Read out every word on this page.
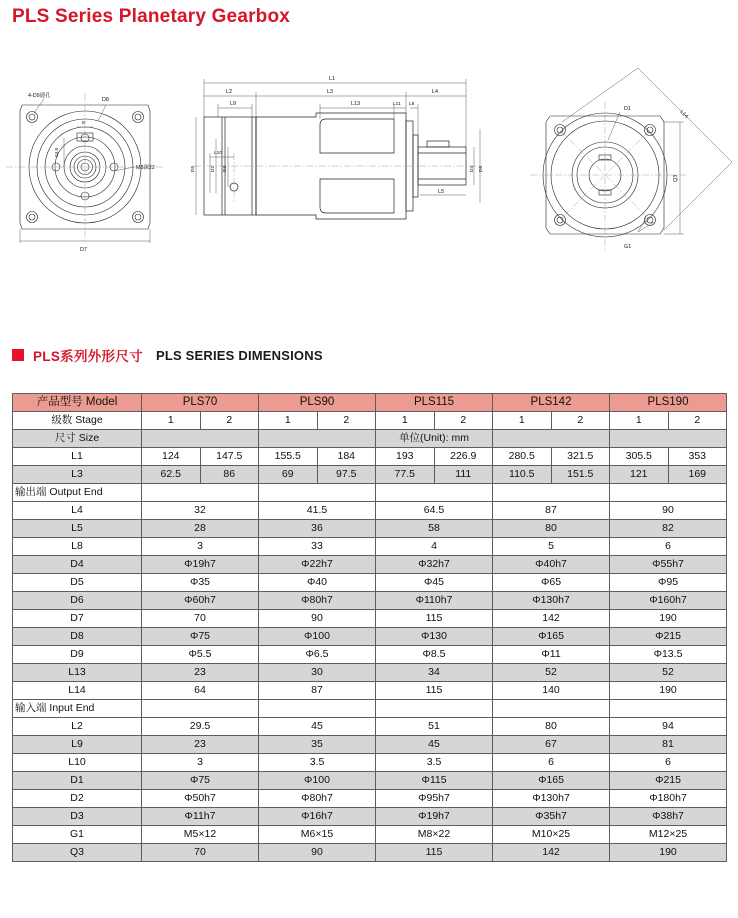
PLS Series Planetary Gearbox
4-D9通孔
D8
M8深22
D7
24.5
8
L1
L2	L3	L4
L9	L13	L11 L8
L10
L5
D5	D2 D3	D4 D6
D1
L14
Q3
G1
PLS系列外形尺寸 PLS SERIES DIMENSIONS
产品型号 Model	PLS70		PLS90		PLS115		PLS142		PLS190	
级数 Stage	1	2	1	2	1	2	1	2	1	2
尺寸 Size					单位(Unit): mm					
L1	124	147.5	155.5	184	193	226.9	280.5	321.5	305.5	353
L3	62.5	86	69	97.5	77.5	111	110.5	151.5	121	169
输出端 Output End										
L4	32		41.5		64.5		87		90	
L5	28		36		58		80		82	
L8	3		33		4		5		6	
D4	Φ19h7		Φ22h7		Φ32h7		Φ40h7		Φ55h7	
D5	Φ35		Φ40		Φ45		Φ65		Φ95	
D6	Φ60h7		Φ80h7		Φ110h7		Φ130h7		Φ160h7	
D7	70		90		115		142		190	
D8	Φ75		Φ100		Φ130		Φ165		Φ215	
D9	Φ5.5		Φ6.5		Φ8.5		Φ11		Φ13.5	
L13	23		30		34		52		52	
L14	64		87		115		140		190	
输入端 Input End										
L2	29.5		45		51		80		94	
L9	23		35		45		67		81	
L10	3		3.5		3.5		6		6	
D1	Φ75		Φ100		Φ115		Φ165		Φ215	
D2	Φ50h7		Φ80h7		Φ95h7		Φ130h7		Φ180h7	
D3	Φ11h7		Φ16h7		Φ19h7		Φ35h7		Φ38h7	
G1	M5×12		M6×15		M8×22		M10×25		M12×25	
Q3	70		90		115		142		190	
